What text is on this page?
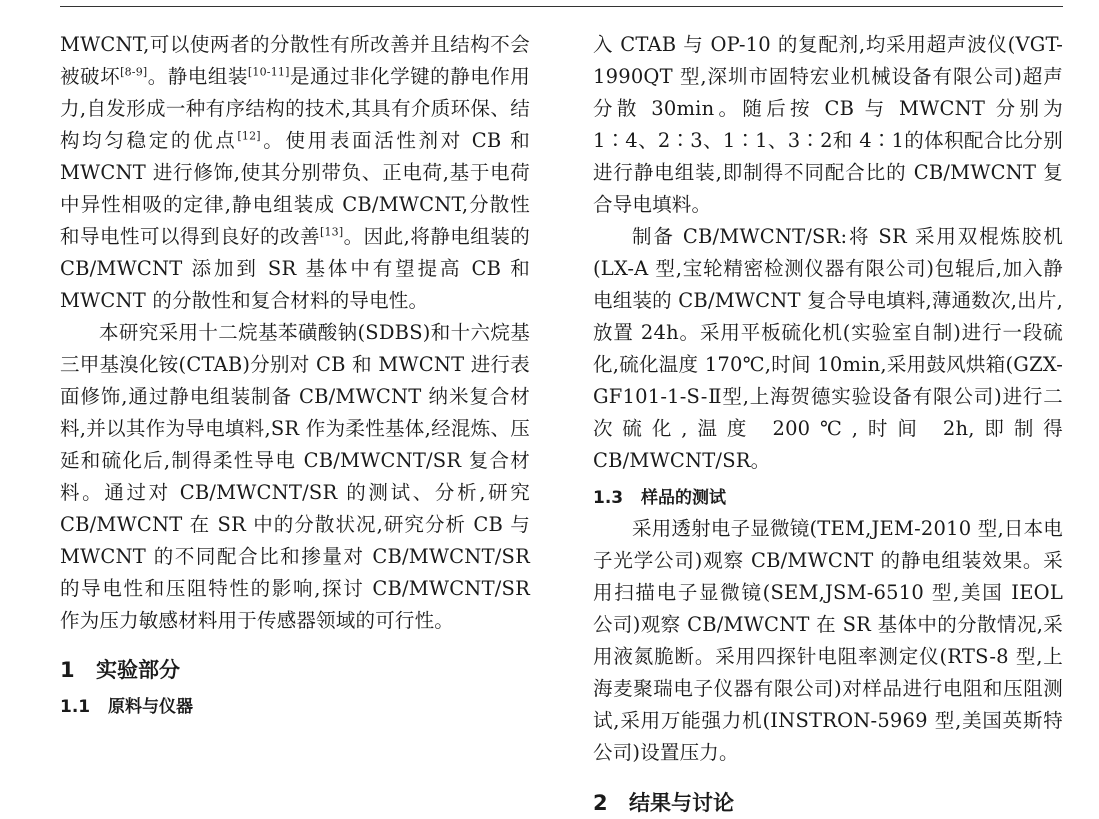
MWCNT,可以使两者的分散性有所改善并且结构不会被破坏[8-9]。静电组装[10-11]是通过非化学键的静电作用力,自发形成一种有序结构的技术,其具有介质环保、结构均匀稳定的优点[12]。使用表面活性剂对 CB 和 MWCNT 进行修饰,使其分别带负、正电荷,基于电荷中异性相吸的定律,静电组装成 CB/MWCNT,分散性和导电性可以得到良好的改善[13]。因此,将静电组装的 CB/MWCNT 添加到 SR 基体中有望提高 CB 和 MWCNT 的分散性和复合材料的导电性。

本研究采用十二烷基苯磺酸钠(SDBS)和十六烷基三甲基溴化铵(CTAB)分别对 CB 和 MWCNT 进行表面修饰,通过静电组装制备 CB/MWCNT 纳米复合材料,并以其作为导电填料,SR 作为柔性基体,经混炼、压延和硫化后,制得柔性导电 CB/MWCNT/SR 复合材料。通过对 CB/MWCNT/SR 的测试、分析,研究 CB/MWCNT 在 SR 中的分散状况,研究分析 CB 与 MWCNT 的不同配合比和掺量对 CB/MWCNT/SR 的导电性和压阻特性的影响,探讨 CB/MWCNT/SR 作为压力敏感材料用于传感器领域的可行性。

1 实验部分
1.1 原料与仪器

入 CTAB 与 OP-10 的复配剂,均采用超声波仪(VGT-1990QT 型,深圳市固特宏业机械设备有限公司)超声分散 30min。随后按 CB 与 MWCNT 分别为 1∶4、2∶3、1∶1、3∶2和 4∶1的体积配合比分别进行静电组装,即制得不同配合比的 CB/MWCNT 复合导电填料。

制备 CB/MWCNT/SR:将 SR 采用双棍炼胶机(LX-A 型,宝轮精密检测仪器有限公司)包辊后,加入静电组装的 CB/MWCNT 复合导电填料,薄通数次,出片,放置 24h。采用平板硫化机(实验室自制)进行一段硫化,硫化温度 170℃,时间 10min,采用鼓风烘箱(GZX-GF101-1-S-Ⅱ型,上海贺德实验设备有限公司)进行二次硫化,温度 200℃,时间 2h,即制得 CB/MWCNT/SR。

1.3 样品的测试

采用透射电子显微镜(TEM,JEM-2010 型,日本电子光学公司)观察 CB/MWCNT 的静电组装效果。采用扫描电子显微镜(SEM,JSM-6510 型,美国 IEOL 公司)观察 CB/MWCNT 在 SR 基体中的分散情况,采用液氮脆断。采用四探针电阻率测定仪(RTS-8 型,上海麦聚瑞电子仪器有限公司)对样品进行电阻和压阻测试,采用万能强力机(INSTRON-5969 型,美国英斯特公司)设置压力。

2 结果与讨论
